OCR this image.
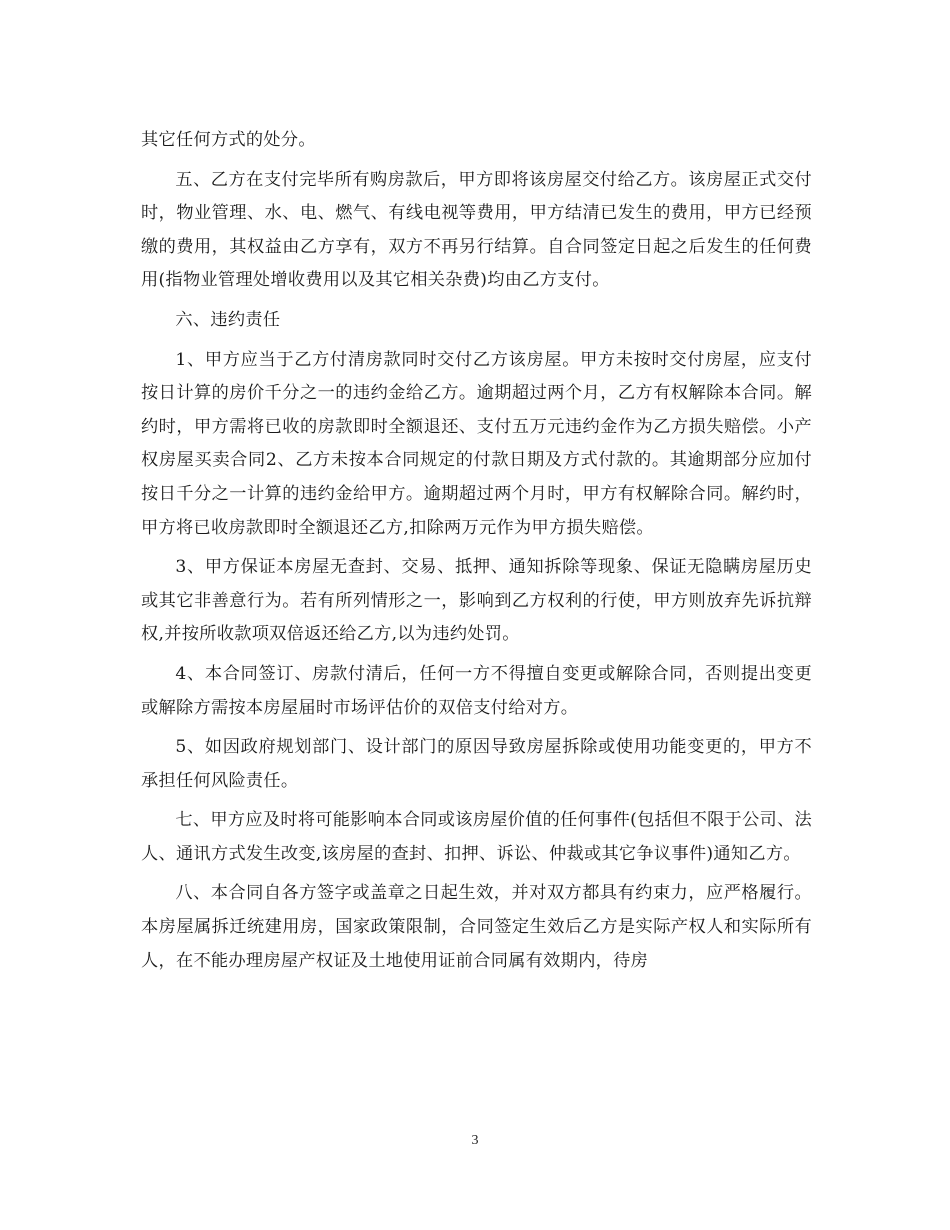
其它任何方式的处分。

五、乙方在支付完毕所有购房款后，甲方即将该房屋交付给乙方。该房屋正式交付时，物业管理、水、电、燃气、有线电视等费用，甲方结清已发生的费用，甲方已经预缴的费用，其权益由乙方享有，双方不再另行结算。自合同签定日起之后发生的任何费用(指物业管理处增收费用以及其它相关杂费)均由乙方支付。

六、违约责任

1、甲方应当于乙方付清房款同时交付乙方该房屋。甲方未按时交付房屋，应支付按日计算的房价千分之一的违约金给乙方。逾期超过两个月，乙方有权解除本合同。解约时，甲方需将已收的房款即时全额退还、支付五万元违约金作为乙方损失赔偿。小产权房屋买卖合同2、乙方未按本合同规定的付款日期及方式付款的。其逾期部分应加付按日千分之一计算的违约金给甲方。逾期超过两个月时，甲方有权解除合同。解约时，甲方将已收房款即时全额退还乙方,扣除两万元作为甲方损失赔偿。

3、甲方保证本房屋无查封、交易、抵押、通知拆除等现象、保证无隐瞒房屋历史或其它非善意行为。若有所列情形之一，影响到乙方权利的行使，甲方则放弃先诉抗辩权,并按所收款项双倍返还给乙方,以为违约处罚。

4、本合同签订、房款付清后，任何一方不得擅自变更或解除合同，否则提出变更或解除方需按本房屋届时市场评估价的双倍支付给对方。

5、如因政府规划部门、设计部门的原因导致房屋拆除或使用功能变更的，甲方不承担任何风险责任。

七、甲方应及时将可能影响本合同或该房屋价值的任何事件(包括但不限于公司、法人、通讯方式发生改变,该房屋的查封、扣押、诉讼、仲裁或其它争议事件)通知乙方。

八、本合同自各方签字或盖章之日起生效，并对双方都具有约束力，应严格履行。本房屋属拆迁统建用房，国家政策限制，合同签定生效后乙方是实际产权人和实际所有人，在不能办理房屋产权证及土地使用证前合同属有效期内，待房

3
